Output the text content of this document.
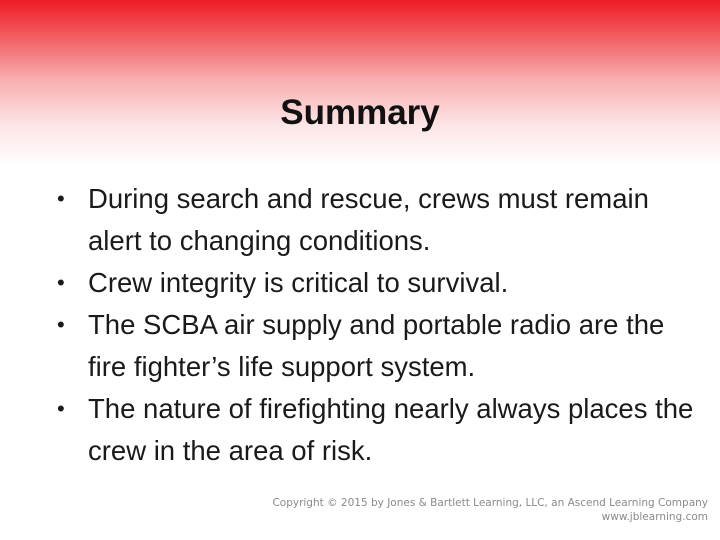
Summary
• During search and rescue, crews must remain alert to changing conditions.
• Crew integrity is critical to survival.
• The SCBA air supply and portable radio are the fire fighter’s life support system.
• The nature of firefighting nearly always places the crew in the area of risk.
Copyright © 2015 by Jones & Bartlett Learning, LLC, an Ascend Learning Company
www.jblearning.com
